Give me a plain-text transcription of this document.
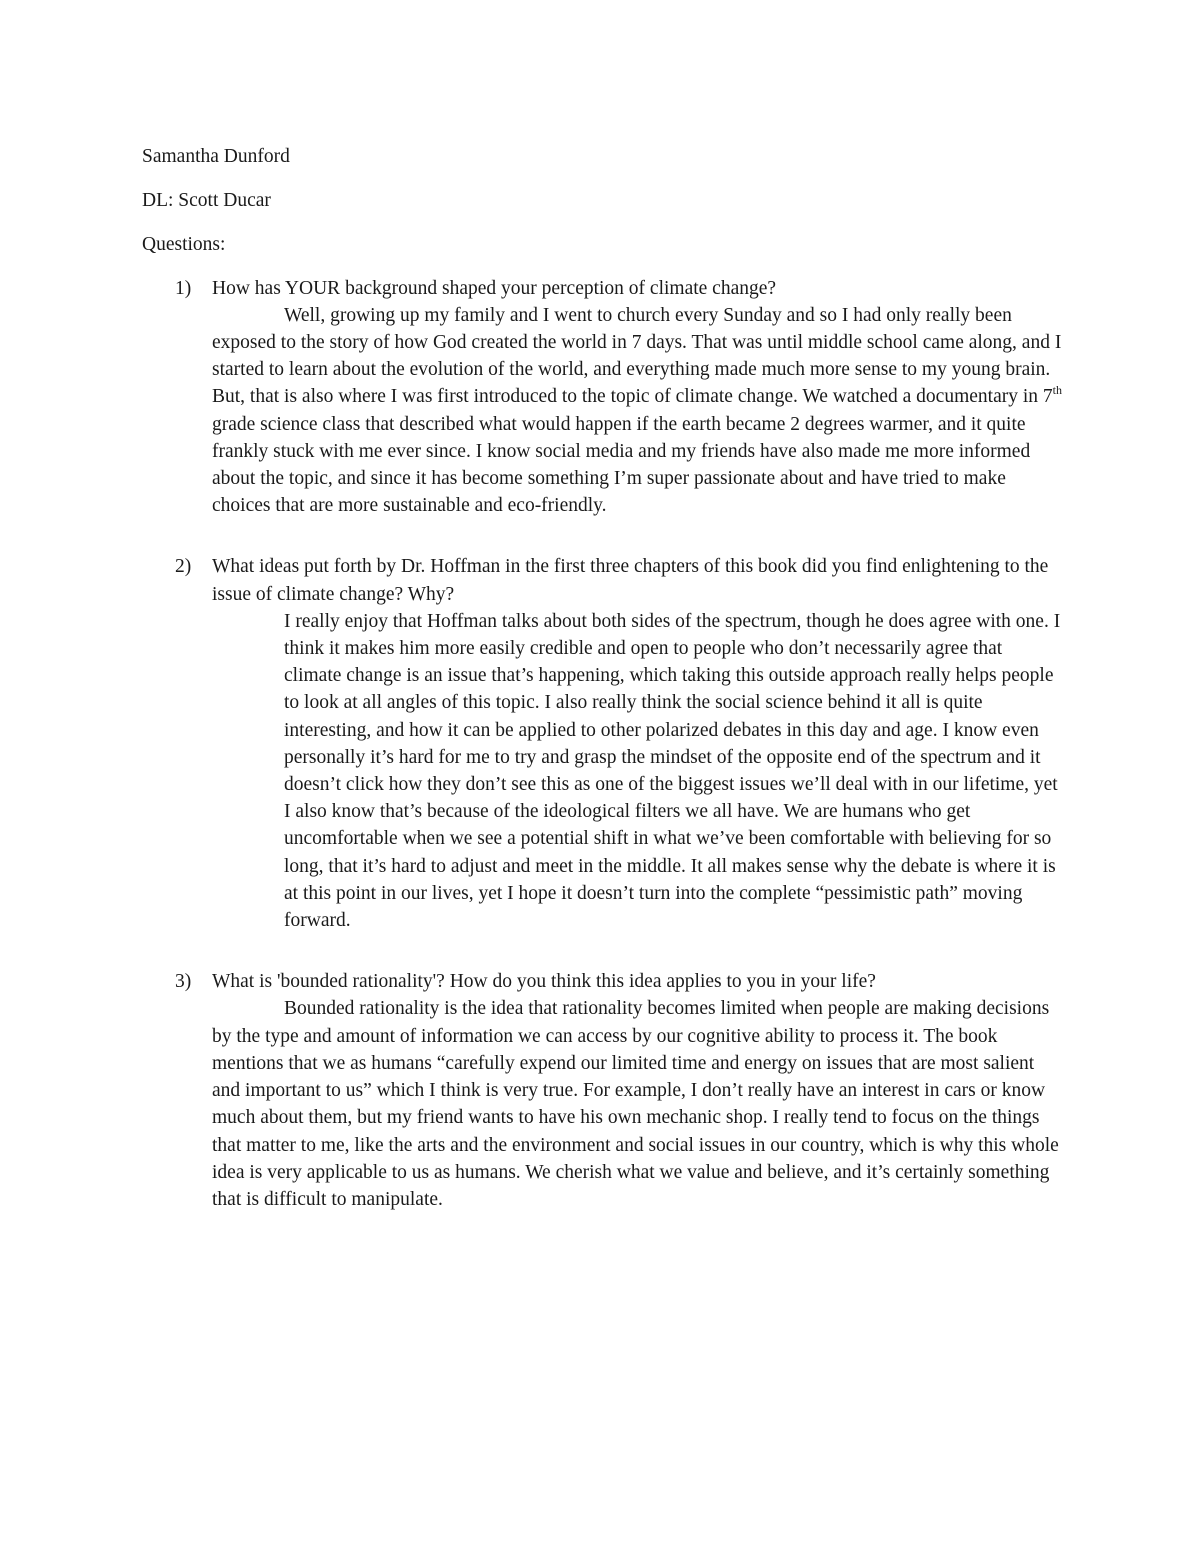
Samantha Dunford

DL: Scott Ducar

Questions:

1) How has YOUR background shaped your perception of climate change?

Well, growing up my family and I went to church every Sunday and so I had only really been exposed to the story of how God created the world in 7 days. That was until middle school came along, and I started to learn about the evolution of the world, and everything made much more sense to my young brain. But, that is also where I was first introduced to the topic of climate change. We watched a documentary in 7th grade science class that described what would happen if the earth became 2 degrees warmer, and it quite frankly stuck with me ever since. I know social media and my friends have also made me more informed about the topic, and since it has become something I’m super passionate about and have tried to make choices that are more sustainable and eco-friendly.

2) What ideas put forth by Dr. Hoffman in the first three chapters of this book did you find enlightening to the issue of climate change? Why?

I really enjoy that Hoffman talks about both sides of the spectrum, though he does agree with one. I think it makes him more easily credible and open to people who don’t necessarily agree that climate change is an issue that’s happening, which taking this outside approach really helps people to look at all angles of this topic. I also really think the social science behind it all is quite interesting, and how it can be applied to other polarized debates in this day and age. I know even personally it’s hard for me to try and grasp the mindset of the opposite end of the spectrum and it doesn’t click how they don’t see this as one of the biggest issues we’ll deal with in our lifetime, yet I also know that’s because of the ideological filters we all have. We are humans who get uncomfortable when we see a potential shift in what we’ve been comfortable with believing for so long, that it’s hard to adjust and meet in the middle. It all makes sense why the debate is where it is at this point in our lives, yet I hope it doesn’t turn into the complete “pessimistic path” moving forward.

3) What is 'bounded rationality'? How do you think this idea applies to you in your life?

Bounded rationality is the idea that rationality becomes limited when people are making decisions by the type and amount of information we can access by our cognitive ability to process it. The book mentions that we as humans “carefully expend our limited time and energy on issues that are most salient and important to us” which I think is very true. For example, I don’t really have an interest in cars or know much about them, but my friend wants to have his own mechanic shop. I really tend to focus on the things that matter to me, like the arts and the environment and social issues in our country, which is why this whole idea is very applicable to us as humans. We cherish what we value and believe, and it’s certainly something that is difficult to manipulate.
